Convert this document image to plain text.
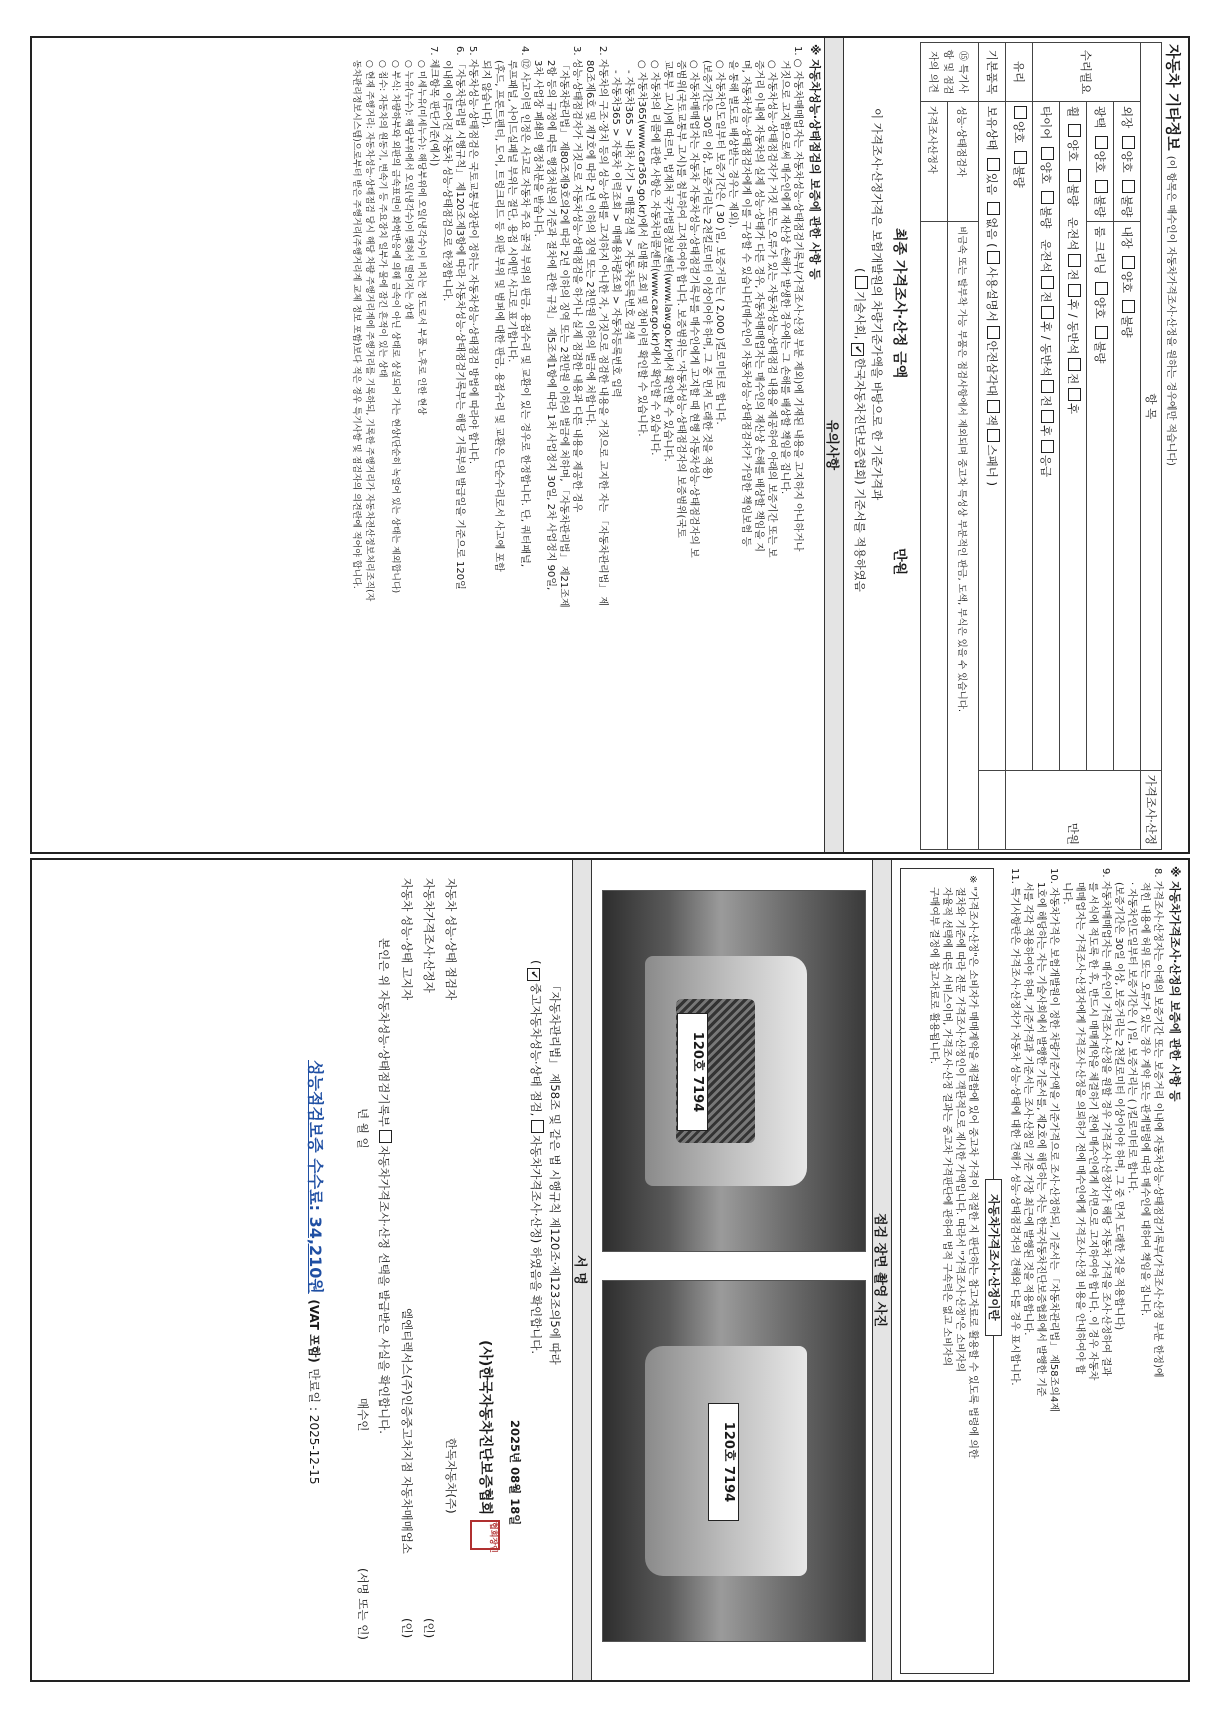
자동차 기타정보 (이 항목은 매수인이 자동차가격조사·산정을 원하는 경우에만 적습니다)
항 목			가격조사·산정
수리필요	외장  양호  불량	내장  양호  불량	만원
	광택  양호  불량	룸 크리닝  양호  불량	
	휠  양호  불량   운전석 전 후 / 동반석 전 후		
	타이어  양호  불량   운전석 전 후 / 동반석 전 후 응급		
유리	양호  불량		
기본품목	보유상태  있음  없음 ( 사용설명서 안전삼각대 잭 스패너 )		
⑮ 특기사항 및 점검자의 의견	성능·상태점검자	비금속 또는 탈부착 가능 부품은 점검사항에서 제외되며 중고차 특성상 부분적인 판금, 도색, 부식은 있을 수 있습니다.	
	가격조사산정자		
최종 가격조사·산정 금액  만원
이 가격조사·산정가격은 보험개발원의 차량기준가액을 바탕으로 한 기준가격과
( 기술사회, ✔한국자동차진단보증협회) 기준서를 적용하였음
유의사항
※ 자동차성능·상태점검의 보증에 관한 사항 등
1. ○ 자동차매매업자는 자동차성능·상태점검기록부(가격조사·산정 부분 제외)에 기재된 내용을 고지하지 아니하거나
거짓으로 고지함으로써 매수인에게 재산상 손해가 발생한 경우에는 그 손해를 배상할 책임을 집니다.
○ 자동차성능·상태점검자가 거짓 또는 오류가 있는 자동차성능·상태점검 내용을 제공하여 아래의 보증기간 또는 보
증거리 이내에 자동차의 실제 성능·상태가 다른 경우, 자동차매매업자는 매수인의 재산상 손해를 배상할 책임을 지
며, 자동차성능·상태점검자에게 이를 구상할 수 있습니다(매수인이 자동차성능·상태점검자가 가입한 책임보험 등
을 통해 별도로 배상받는 경우는 제외).
○ 자동차인도일부터 보증기간은 ( 30 )일, 보증거리는 ( 2,000 )킬로미터로 합니다.
(보증기간은 30일 이상, 보증거리는 2천킬로미터 이상이어야 하며, 그 중 먼저 도래한 것을 적용)
○ 자동차매매업자는 자동차 자동차성능·상태점검기록부를 매수인에게 고지할 때 현행 자동차성능·상태점검자의 보
증범위(국토교통부 고시)를 첨부하여 고지하여야 합니다. 보증범위는 '자동차성능·상태점검자의 보증범위(국토
교통부 고시)에 따르며, 법제처 국가법령정보센터(www.law.go.kr)에서 확인할 수 있습니다.
○ 자동차의 리콜에 관한 사항은 자동차리콜센터(www.car.go.kr)에서 확인할 수 있습니다.
○ 자동차365(www.car365.go.kr)에서 실매물 조회 및 정비이력 확인할 수 있습니다.
- 자동차365 > 내차 사기 > 매물검색 > 자동차등록번호 검색
- 자동차365 > 자동차 이력조회 > 매매용차량조회 > 자동차등록번호 입력
2. 자동차의 구조·장치 등의 성능·상태를 고지하지 아니한 자, 거짓으로 점검한 내용을 거짓으로 고지한 자는 「자동차관리법」 제
80조제6호 및 제7호에 따라 2년 이하의 징역 또는 2천만원 이하의 벌금에 처합니다.
3. 성능·상태점검자가 거짓으로 자동차성능·상태점검을 하거나 실제 점검한 내용과 다른 내용을 제공한 경우
「자동차관리법」 제80조제9호의2에 따라 2년 이하의 징역 또는 2천만원 이하의 벌금에 처하며, 「자동차관리법」 제21조제
2항 등의 규정에 따른 행정처분의 기준과 절차에 관한 규칙」 제5조제1항에 따라 1차 사업정지 30일, 2차 사업정지 90일,
3차 사업장 폐쇄의 행정처분을 받습니다.
4. ⑫ 사고이력 인정은 사고로 자동차 주요 골격 부위의 판금, 용접수리 및 교환이 있는 경우로 한정합니다. 단, 쿼터패널,
루프패널, 사이드실패널 부위는 절단, 용접 시에만 사고로 표기합니다.
(후드, 프론트펜더, 도어, 트렁크리드 등 외판 부위 및 범퍼에 대한 판금, 용접수리 및 교환은 단순수리로서 사고에 포함
되지 않습니다).
5. 자동차성능·상태점검은 국토교통부장관이 정하는 자동차성능·상태점검 방법에 따라야 합니다.
6. 「자동차관리법 시행규칙」 제120조제3항에 따라 자동차성능·상태점검기록부는 해당 기록부의 발급일을 기준으로 120일
이내에 이루어진 자동차 성능·상태점검으로 한정합니다.
7. 체크항목 판단기준(예시)
○ 미세누유(미세누수): 해당부위에 오일(냉각수)이 비치는 정도로서 부품 노후로 인한 현상
○ 누유(누수): 해당부위에서 오일(냉각수)이 맺혀서 떨어지는 상태
○ 부식: 차량하부와 외판의 금속표면이 화학반응에 의해 금속이 아닌 상태로 상실되어 가는 현상(단순히 녹얼어 있는 상태는 제외합니다)
○ 침수: 자동차의 원동기, 변속기 등 주요장치 일부가 물에 잠긴 흔적이 있는 상태
○ 현재 주행거리: 자동차성능·상태점검 당시 해당 차량 주행거리계에 주행거리를 기록하되, 기록한 주행거리가 자동차전산정보처리조직(자
동차관리정보시스템)으로부터 받은 주행거리(주행거리계 교체 정보 포함)보다 적은 경우 특기사항 및 점검자의 의견란에 적어야 합니다.
※ 자동차가격조사·산정의 보증에 관한 사항 등
8. 가격조사·산정자는 아래의 보증기간 또는 보증거리 이내에 자동차성능·상태점검기록부(가격조사·산정 부분 한정)에
적힌 내용에 허위 또는 오류가 있는 경우 계약 또는 관계법령에 따라 매수인에 대하여 책임을 집니다.
· 자동차인도일부터 보증기간은 ( )일, 보증거리는 ( )킬로미터로 합니다.
(보증기간은 30일 이상, 보증거리는 2천킬로미터 이상이어야 하며, 그 중 먼저 도래한 것을 적용합니다)
9. 자동차매매업자는 매수인이 가격조사·산정을 원할 경우 가격조사·산정자가 해당 자동차 가격을 조사·산정하여 결과
를 서식에 적도록 한 후, 반드시 매매계약을 체결하기 전에 매수인에게 서면으로 고지하여야 합니다. 이 경우 자동차
매매업자는 가격조사·산정자에게 가격조사·산정을 의뢰하기 전에 매수인에게 가격조사·산정 비용을 안내하여야 합
니다.
10. 자동차가격은 보험개발원이 정한 차량기준가액을 기준가격으로 조사·산정하되, 기준서는 「자동차관리법」 제58조의4제
1호에 해당하는 자는 기술사회에서 발행한 기준서를, 제2호에 해당하는 자는 한국자동차진단보증협회에서 발행한 기준
서를 각각 적용하여야 하며, 기준가격과 기준서는 조사·산정일 기준 가장 최근에 발행된 것을 적용합니다.
11. 특기사항란은 가격조사·산정자가 자동차 성능·상태에 대한 견해가 성능·상태점검자의 견해와 다를 경우 표시합니다.
자동차가격조사·산정이란
※ "가격조사·산정"은 소비자가 매매계약을 체결함에 있어 중고차 가격이 적절한 지 판단하는 참고자료로 활용할 수 있도록 법령에 의한
절차와 기준에 따라 전문 가격조사·산정인이 객관적으로 제시한 가액입니다. 따라서 "가격조사·산정"은 소비자의
자율적 선택에 따른 서비스이며, 가격조사·산정 결과는 중고차 가격판단에 관하여 법적 구속력은 없고 소비자의
구매여부 결정에 참고자료로 활용됩니다.
점검 장면 촬영 사진
120호 7194
120호 7194
서 명
「자동차관리법」 제58조 및 같은 법 시행규칙 제120조·제123조의5에 따라
( ✔중고자동차성능·상태 점검, 자동차가격조사·산정) 하였음을 확인합니다.
2025년 08월 18일
(사)한국자동차진단보증협회 협회장인
자동차 성능·상태 점검자
한독자동차(주)
자동차가격조사·산정자
(인)
자동차 성능·상태 고지자
엘엔티렉서스(주)인증중고차지점 자동차매매업소
(인)
본인은 위 자동차성능·상태점검기록부 자동차가격조사·산정 선택을 발급받은 사실을 확인합니다.
년 월 일
매수인
(서명 또는 인)
성능점검보증 수수료: 34,210원 (VAT 포함) 만료일 : 2025-12-15
